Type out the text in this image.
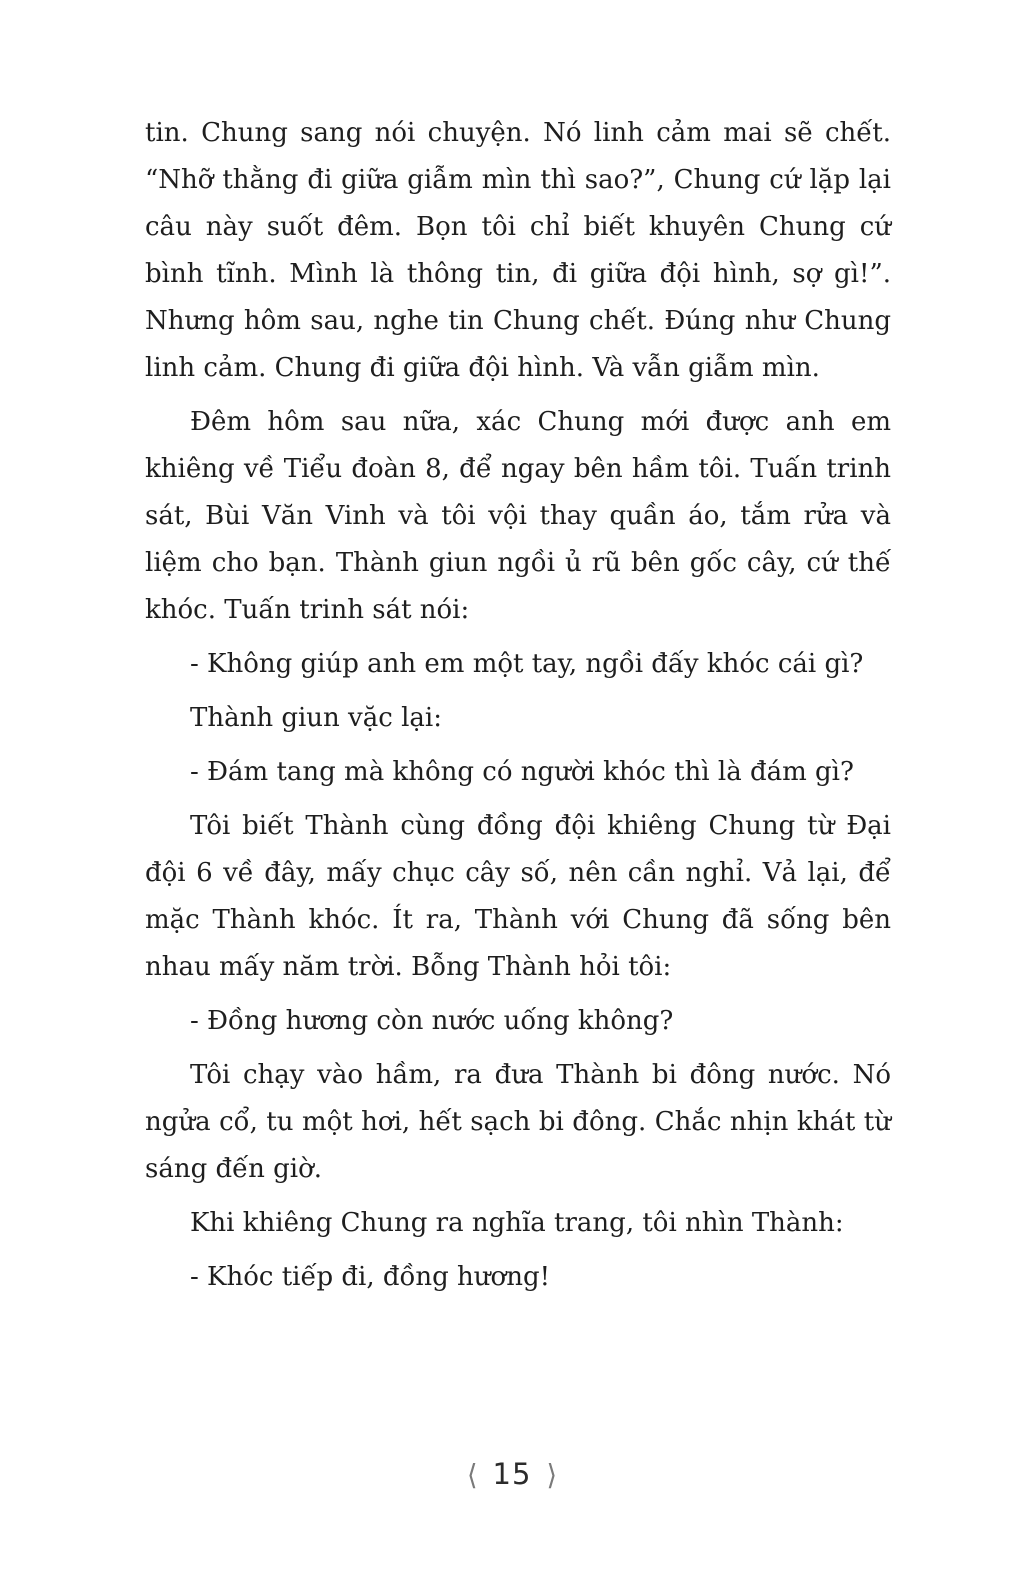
tin. Chung sang nói chuyện. Nó linh cảm mai sẽ chết. “Nhỡ thằng đi giữa giẫm mìn thì sao?”, Chung cứ lặp lại câu này suốt đêm. Bọn tôi chỉ biết khuyên Chung cứ bình tĩnh. Mình là thông tin, đi giữa đội hình, sợ gì!”. Nhưng hôm sau, nghe tin Chung chết. Đúng như Chung linh cảm. Chung đi giữa đội hình. Và vẫn giẫm mìn.

Đêm hôm sau nữa, xác Chung mới được anh em khiêng về Tiểu đoàn 8, để ngay bên hầm tôi. Tuấn trinh sát, Bùi Văn Vinh và tôi vội thay quần áo, tắm rửa và liệm cho bạn. Thành giun ngồi ủ rũ bên gốc cây, cứ thế khóc. Tuấn trinh sát nói:

- Không giúp anh em một tay, ngồi đấy khóc cái gì?

Thành giun vặc lại:

- Đám tang mà không có người khóc thì là đám gì?

Tôi biết Thành cùng đồng đội khiêng Chung từ Đại đội 6 về đây, mấy chục cây số, nên cần nghỉ. Vả lại, để mặc Thành khóc. Ít ra, Thành với Chung đã sống bên nhau mấy năm trời. Bỗng Thành hỏi tôi:

- Đồng hương còn nước uống không?

Tôi chạy vào hầm, ra đưa Thành bi đông nước. Nó ngửa cổ, tu một hơi, hết sạch bi đông. Chắc nhịn khát từ sáng đến giờ.

Khi khiêng Chung ra nghĩa trang, tôi nhìn Thành:

- Khóc tiếp đi, đồng hương!

⟨ 15 ⟩
